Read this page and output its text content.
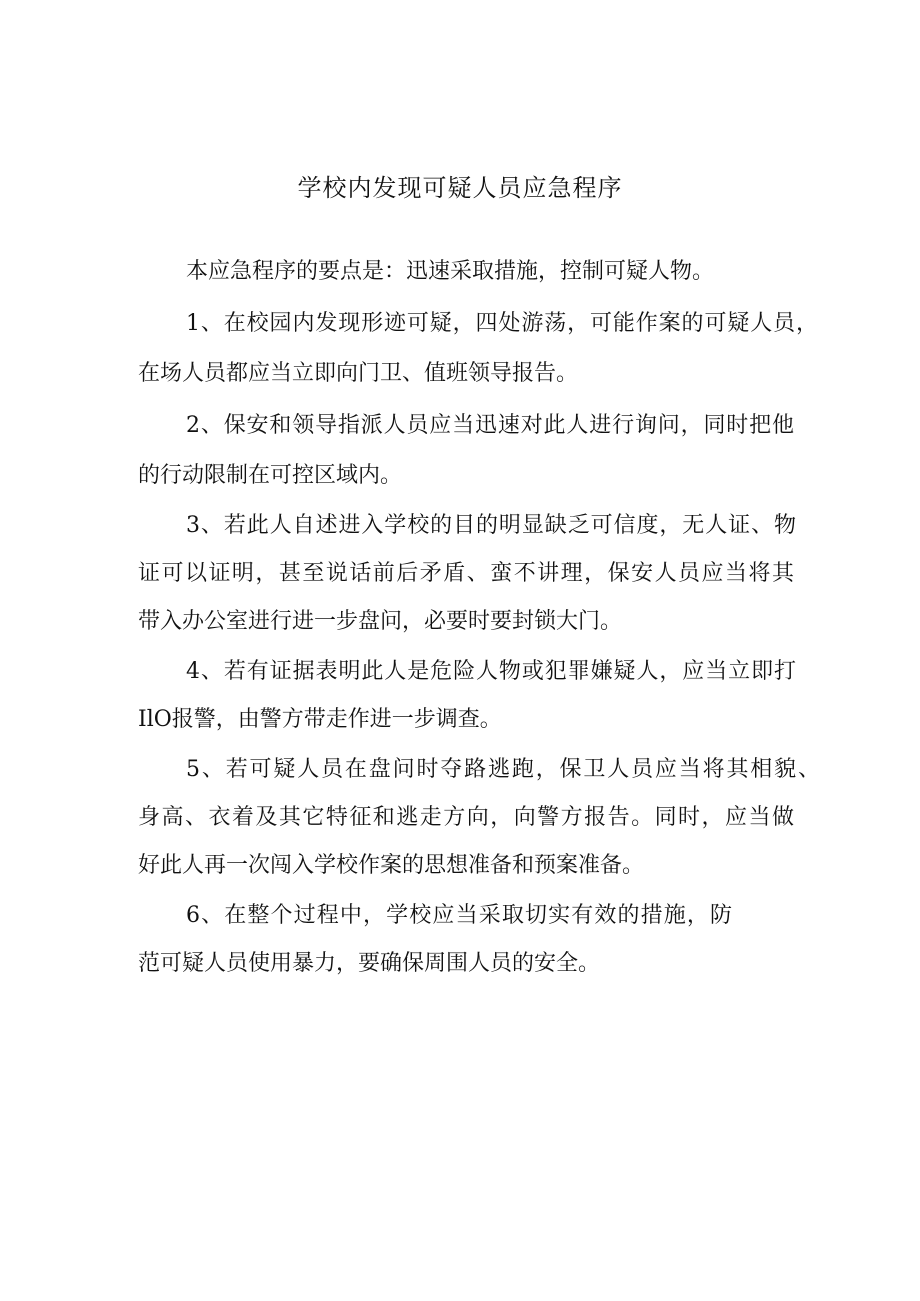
学校内发现可疑人员应急程序
本应急程序的要点是：迅速采取措施，控制可疑人物。
1、在校园内发现形迹可疑，四处游荡，可能作案的可疑人员，
在场人员都应当立即向门卫、值班领导报告。
2、保安和领导指派人员应当迅速对此人进行询问，同时把他
的行动限制在可控区域内。
3、若此人自述进入学校的目的明显缺乏可信度，无人证、物
证可以证明，甚至说话前后矛盾、蛮不讲理，保安人员应当将其
带入办公室进行进一步盘问，必要时要封锁大门。
4、若有证据表明此人是危险人物或犯罪嫌疑人，应当立即打
IlO报警，由警方带走作进一步调查。
5、若可疑人员在盘问时夺路逃跑，保卫人员应当将其相貌、
身高、衣着及其它特征和逃走方向，向警方报告。同时，应当做
好此人再一次闯入学校作案的思想准备和预案准备。
6、在整个过程中，学校应当采取切实有效的措施，防
范可疑人员使用暴力，要确保周围人员的安全。
